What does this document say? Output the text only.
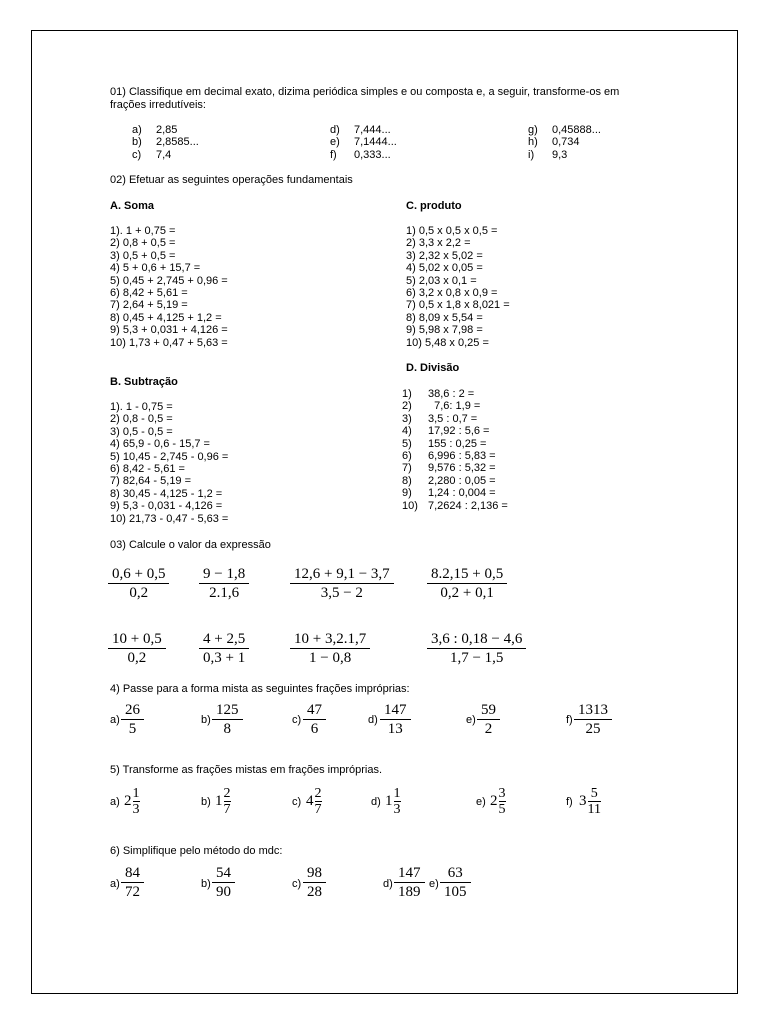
01) Classifique em decimal exato, dizima periódica simples e ou composta e, a seguir, transforme-os em
frações irredutíveis:
a) 2,85
b) 2,8585...
c) 7,4
d) 7,444...
e) 7,1444...
f) 0,333...
g) 0,45888...
h) 0,734
i) 9,3
02) Efetuar as seguintes operações fundamentais
A. Soma
1). 1 + 0,75 =
2) 0,8 + 0,5 =
3) 0,5 + 0,5 =
4) 5 + 0,6 + 15,7 =
5) 0,45 + 2,745 + 0,96 =
6) 8,42 + 5,61 =
7) 2,64 + 5,19 =
8) 0,45 + 4,125 + 1,2 =
9) 5,3 + 0,031 + 4,126 =
10) 1,73 + 0,47 + 5,63 =
C. produto
1) 0,5 x 0,5 x 0,5 =
2) 3,3 x 2,2 =
3) 2,32 x 5,02 =
4) 5,02 x 0,05 =
5) 2,03 x 0,1 =
6) 3,2 x 0,8 x 0,9 =
7) 0,5 x 1,8 x 8,021 =
8) 8,09 x 5,54 =
9) 5,98 x 7,98 =
10) 5,48 x 0,25 =
B. Subtração
1). 1 - 0,75 =
2) 0,8 - 0,5 =
3) 0,5 - 0,5 =
4) 65,9 - 0,6 - 15,7 =
5) 10,45 - 2,745 - 0,96 =
6) 8,42 - 5,61 =
7) 82,64 - 5,19 =
8) 30,45 - 4,125 - 1,2 =
9) 5,3 - 0,031 - 4,126 =
10) 21,73 - 0,47 - 5,63 =
D. Divisão
1) 38,6 : 2 =
2)  7,6: 1,9 =
3) 3,5 : 0,7 =
4) 17,92 : 5,6 =
5) 155 : 0,25 =
6) 6,996 : 5,83 =
7) 9,576 : 5,32 =
8) 2,280 : 0,05 =
9) 1,24 : 0,004 =
10) 7,2624 : 2,136 =
03) Calcule o valor da expressão
0,6 + 0,5
0,2
9 − 1,8
2.1,6
12,6 + 9,1 − 3,7
3,5 − 2
8.2,15 + 0,5
0,2 + 0,1
10 + 0,5
0,2
4 + 2,5
0,3 + 1
10 + 3,2.1,7
1 − 0,8
3,6 : 0,18 − 4,6
1,7 − 1,5
4) Passe para a forma mista as seguintes frações impróprias:
a)
26
5
b)
125
8
c)
47
6
d)
147
13
e)
59
2
f)
1313
25
5) Transforme as frações mistas em frações impróprias.
a) 2 1
3	b) 1 2
7	c) 4 2
7	d) 1 1
3	e) 2 3
5	f) 3 5
11
6) Simplifique pelo método do mdc:
a)
84
72	b)
54
90	c)
98
28	d)
147
189 e)
63
105
